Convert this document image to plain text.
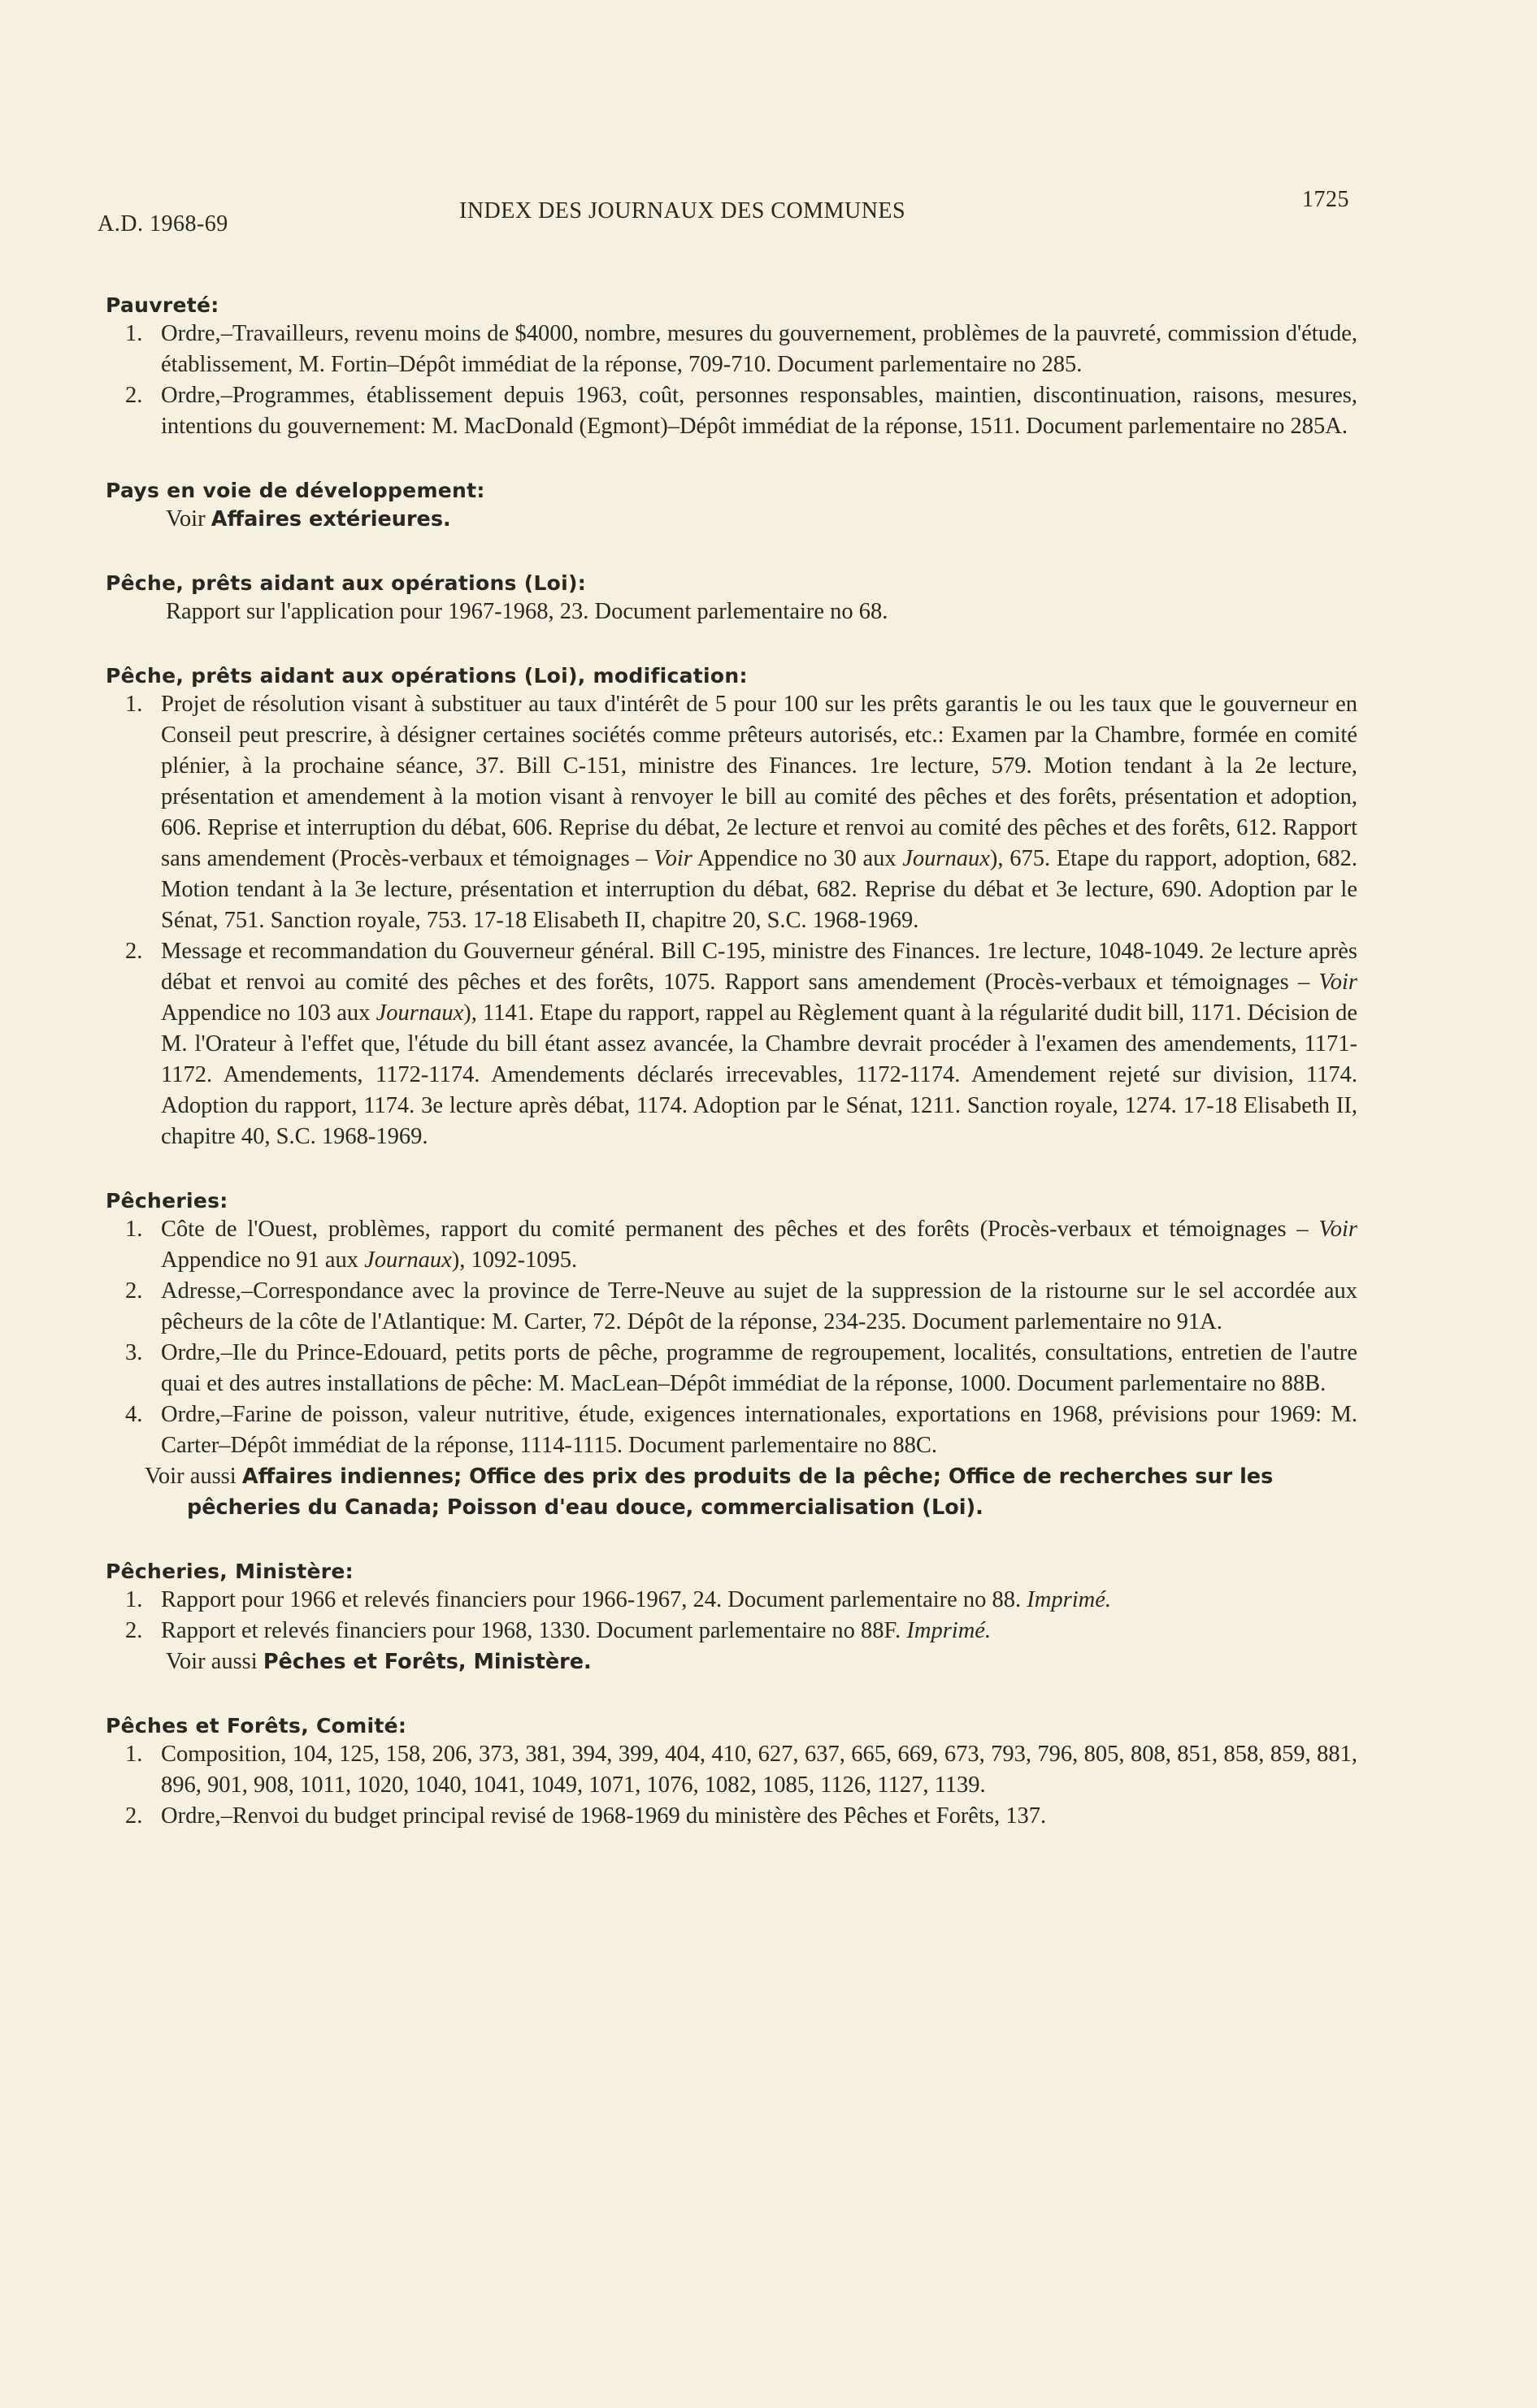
A.D. 1968-69
INDEX DES JOURNAUX DES COMMUNES	1725
Pauvreté:
1. Ordre,–Travailleurs, revenu moins de $4000, nombre, mesures du gouvernement, problèmes de la pauvreté, commission d'étude, établissement, M. Fortin–Dépôt immédiat de la réponse, 709-710. Document parlementaire no 285.
2. Ordre,–Programmes, établissement depuis 1963, coût, personnes responsables, maintien, discontinuation, raisons, mesures, intentions du gouvernement: M. MacDonald (Egmont)–Dépôt immédiat de la réponse, 1511. Document parlementaire no 285A.
Pays en voie de développement:
Voir Affaires extérieures.
Pêche, prêts aidant aux opérations (Loi):
Rapport sur l'application pour 1967-1968, 23. Document parlementaire no 68.
Pêche, prêts aidant aux opérations (Loi), modification:
1. Projet de résolution visant à substituer au taux d'intérêt de 5 pour 100 sur les prêts garantis le ou les taux que le gouverneur en Conseil peut prescrire, à désigner certaines sociétés comme prêteurs autorisés, etc.: Examen par la Chambre, formée en comité plénier, à la prochaine séance, 37. Bill C-151, ministre des Finances. 1re lecture, 579. Motion tendant à la 2e lecture, présentation et amendement à la motion visant à renvoyer le bill au comité des pêches et des forêts, présentation et adoption, 606. Reprise et interruption du débat, 606. Reprise du débat, 2e lecture et renvoi au comité des pêches et des forêts, 612. Rapport sans amendement (Procès-verbaux et témoignages – Voir Appendice no 30 aux Journaux), 675. Etape du rapport, adoption, 682. Motion tendant à la 3e lecture, présentation et interruption du débat, 682. Reprise du débat et 3e lecture, 690. Adoption par le Sénat, 751. Sanction royale, 753. 17-18 Elisabeth II, chapitre 20, S.C. 1968-1969.
2. Message et recommandation du Gouverneur général. Bill C-195, ministre des Finances. 1re lecture, 1048-1049. 2e lecture après débat et renvoi au comité des pêches et des forêts, 1075. Rapport sans amendement (Procès-verbaux et témoignages – Voir Appendice no 103 aux Journaux), 1141. Etape du rapport, rappel au Règlement quant à la régularité dudit bill, 1171. Décision de M. l'Orateur à l'effet que, l'étude du bill étant assez avancée, la Chambre devrait procéder à l'examen des amendements, 1171-1172. Amendements, 1172-1174. Amendements déclarés irrecevables, 1172-1174. Amendement rejeté sur division, 1174. Adoption du rapport, 1174. 3e lecture après débat, 1174. Adoption par le Sénat, 1211. Sanction royale, 1274. 17-18 Elisabeth II, chapitre 40, S.C. 1968-1969.
Pêcheries:
1. Côte de l'Ouest, problèmes, rapport du comité permanent des pêches et des forêts (Procès-verbaux et témoignages – Voir Appendice no 91 aux Journaux), 1092-1095.
2. Adresse,–Correspondance avec la province de Terre-Neuve au sujet de la suppression de la ristourne sur le sel accordée aux pêcheurs de la côte de l'Atlantique: M. Carter, 72. Dépôt de la réponse, 234-235. Document parlementaire no 91A.
3. Ordre,–Ile du Prince-Edouard, petits ports de pêche, programme de regroupement, localités, consultations, entretien de l'autre quai et des autres installations de pêche: M. MacLean–Dépôt immédiat de la réponse, 1000. Document parlementaire no 88B.
4. Ordre,–Farine de poisson, valeur nutritive, étude, exigences internationales, exportations en 1968, prévisions pour 1969: M. Carter–Dépôt immédiat de la réponse, 1114-1115. Document parlementaire no 88C.
Voir aussi Affaires indiennes; Office des prix des produits de la pêche; Office de recherches sur les pêcheries du Canada; Poisson d'eau douce, commercialisation (Loi).
Pêcheries, Ministère:
1. Rapport pour 1966 et relevés financiers pour 1966-1967, 24. Document parlementaire no 88. Imprimé.
2. Rapport et relevés financiers pour 1968, 1330. Document parlementaire no 88F. Imprimé.
Voir aussi Pêches et Forêts, Ministère.
Pêches et Forêts, Comité:
1. Composition, 104, 125, 158, 206, 373, 381, 394, 399, 404, 410, 627, 637, 665, 669, 673, 793, 796, 805, 808, 851, 858, 859, 881, 896, 901, 908, 1011, 1020, 1040, 1041, 1049, 1071, 1076, 1082, 1085, 1126, 1127, 1139.
2. Ordre,–Renvoi du budget principal revisé de 1968-1969 du ministère des Pêches et Forêts, 137.
